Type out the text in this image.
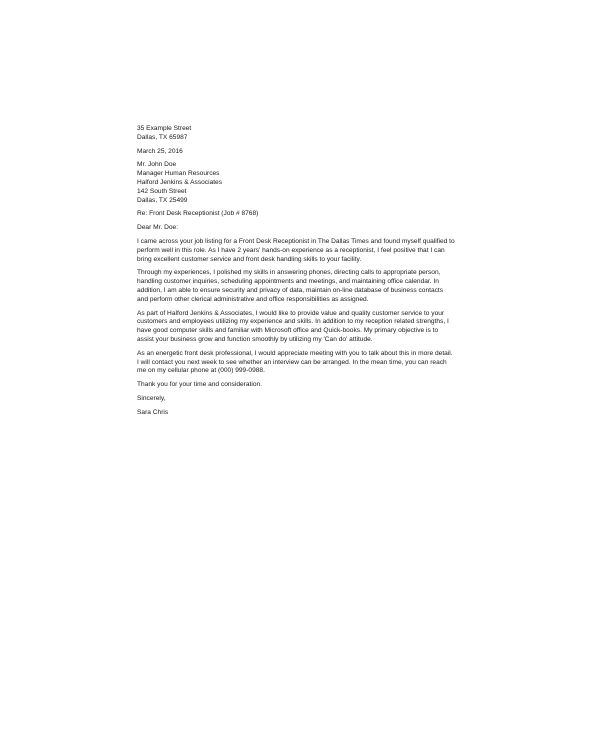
35 Example Street
Dallas, TX 65987
March 25, 2016
Mr. John Doe
Manager Human Resources
Halford Jenkins & Associates
142 South Street
Dallas, TX 25499
Re: Front Desk Receptionist (Job # 8768)
Dear Mr. Doe:
I came across your job listing for a Front Desk Receptionist in The Dallas Times and found myself qualified to
perform well in this role. As I have 2 years' hands-on experience as a receptionist, I feel positive that I can
bring excellent customer service and front desk handling skills to your facility.
Through my experiences, I polished my skills in answering phones, directing calls to appropriate person,
handling customer inquiries, scheduling appointments and meetings, and maintaining office calendar. In
addition, I am able to ensure security and privacy of data, maintain on-line database of business contacts
and perform other clerical administrative and office responsibilities as assigned.
As part of Halford Jenkins & Associates, I would like to provide value and quality customer service to your
customers and employees utilizing my experience and skills. In addition to my reception related strengths, I
have good computer skills and familiar with Microsoft office and Quick-books. My primary objective is to
assist your business grow and function smoothly by utilizing my 'Can do' attitude.
As an energetic front desk professional, I would appreciate meeting with you to talk about this in more detail.
I will contact you next week to see whether an interview can be arranged. In the mean time, you can reach
me on my cellular phone at (000) 999-0988.
Thank you for your time and consideration.
Sincerely,
Sara Chris
